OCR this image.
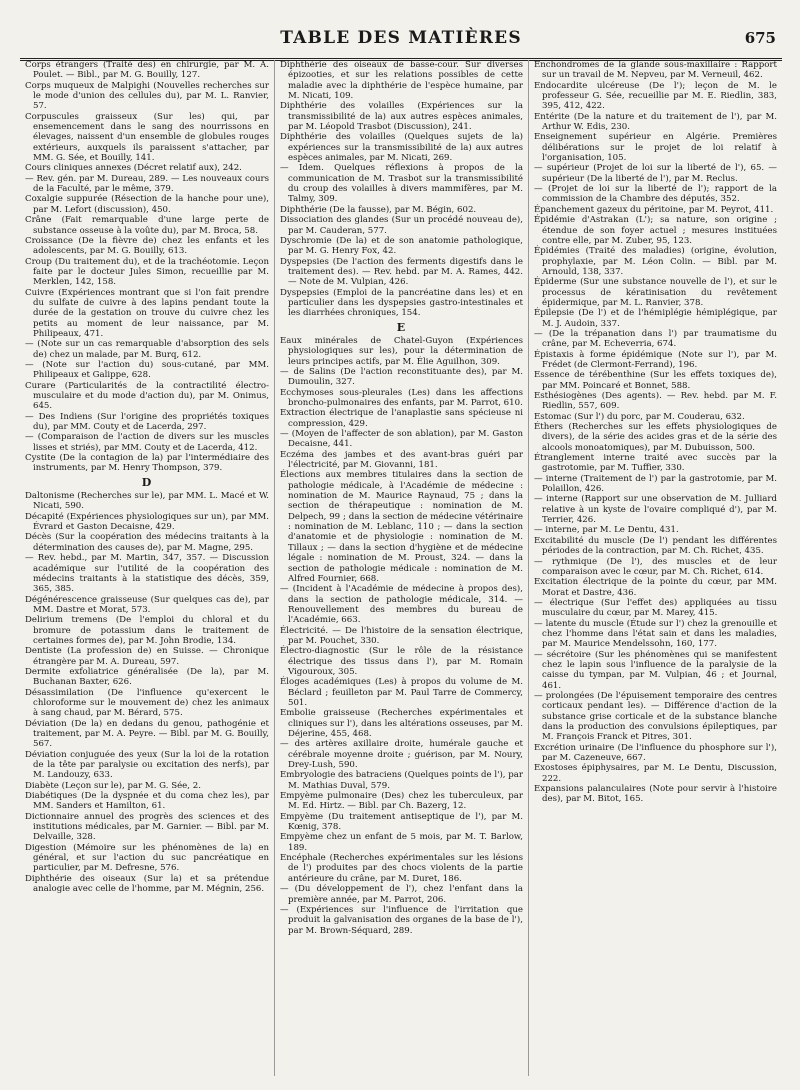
TABLE DES MATIÈRES	675

Corps étrangers (Traité des) en chirurgie, par M. A. Poulet. — Bibl., par M. G. Bouilly, 127.

Corps muqueux de Malpighi (Nouvelles recherches sur le mode d'union des cellules du), par M. L. Ranvier, 57.

Corpuscules graisseux (Sur les) qui, par ensemencement dans le sang des nourrissons en élevages, naissent d'un ensemble de globules rouges extérieurs, auxquels ils paraissent s'attacher, par MM. G. Sée, et Bouilly, 141.

Cours cliniques annexes (Décret relatif aux), 242.

— Rev. gén. par M. Dureau, 289. — Les nouveaux cours de la Faculté, par le même, 379.

Coxalgie suppurée (Résection de la hanche pour une), par M. Lefort (discussion), 450.

Crâne (Fait remarquable d'une large perte de substance osseuse à la voûte du), par M. Broca, 58.

Croissance (De la fièvre de) chez les enfants et les adolescents, par M. G. Bouilly, 613.

Croup (Du traitement du), et de la trachéotomie. Leçon faite par le docteur Jules Simon, recueillie par M. Merklen, 142, 158.

Cuivre (Expériences montrant que si l'on fait prendre du sulfate de cuivre à des lapins pendant toute la durée de la gestation on trouve du cuivre chez les petits au moment de leur naissance, par M. Philipeaux, 471.

— (Note sur un cas remarquable d'absorption des sels de) chez un malade, par M. Burq, 612.

— (Note sur l'action du) sous-cutané, par MM. Philipeaux et Galippe, 628.

Curare (Particularités de la contractilité électro-musculaire et du mode d'action du), par M. Onimus, 645.

— Des Indiens (Sur l'origine des propriétés toxiques du), par MM. Couty et de Lacerda, 297.

— (Comparaison de l'action de divers sur les muscles lisses et striés), par MM. Couty et de Lacerda, 412.

Cystite (De la contagion de la) par l'intermédiaire des instruments, par M. Henry Thompson, 379.

D

Daltonisme (Recherches sur le), par MM. L. Macé et W. Nicati, 590.

Décapité (Expériences physiologiques sur un), par MM. Évrard et Gaston Decaisne, 429.

Décès (Sur la coopération des médecins traitants à la détermination des causes de), par M. Magne, 295.

— Rev. hebd., par M. Martin, 347, 357. — Discussion académique sur l'utilité de la coopération des médecins traitants à la statistique des décès, 359, 365, 385.

Dégénérescence graisseuse (Sur quelques cas de), par MM. Dastre et Morat, 573.

Delirium tremens (De l'emploi du chloral et du bromure de potassium dans le traitement de certaines formes de), par M. John Brodie, 134.

Dentiste (La profession de) en Suisse. — Chronique étrangère par M. A. Dureau, 597.

Dermite exfoliatrice généralisée (De la), par M. Buchanan Baxter, 626.

Désassimilation (De l'influence qu'exercent le chloroforme sur le mouvement de) chez les animaux à sang chaud, par M. Bérard, 575.

Déviation (De la) en dedans du genou, pathogénie et traitement, par M. A. Peyre. — Bibl. par M. G. Bouilly, 567.

Déviation conjuguée des yeux (Sur la loi de la rotation de la tête par paralysie ou excitation des nerfs), par M. Landouzy, 633.

Diabète (Leçon sur le), par M. G. Sée, 2.

Diabétiques (De la dyspnée et du coma chez les), par MM. Sanders et Hamilton, 61.

Dictionnaire annuel des progrès des sciences et des institutions médicales, par M. Garnier. — Bibl. par M. Delvaille, 328.

Digestion (Mémoire sur les phénomènes de la) en général, et sur l'action du suc pancréatique en particulier, par M. Defresne, 576.

Diphthérie des oiseaux (Sur la) et sa prétendue analogie avec celle de l'homme, par M. Mégnin, 256.

Diphthérie des oiseaux de basse-cour. Sur diverses épizooties, et sur les relations possibles de cette maladie avec la diphthérie de l'espèce humaine, par M. Nicati, 109.

Diphthérie des volailles (Expériences sur la transmissibilité de la) aux autres espèces animales, par M. Léopold Trasbot (Discussion), 241.

Diphthérie des volailles (Quelques sujets de la) expériences sur la transmissibilité de la) aux autres espèces animales, par M. Nicati, 269.

— Idem. Quelques réflexions à propos de la communication de M. Trasbot sur la transmissibilité du croup des volailles à divers mammifères, par M. Talmy, 309.

Diphthérie (De la fausse), par M. Bégin, 602.

Dissociation des glandes (Sur un procédé nouveau de), par M. Cauderan, 577.

Dyschromie (De la) et de son anatomie pathologique, par M. G. Henry Fox, 42.

Dyspepsies (De l'action des ferments digestifs dans le traitement des). — Rev. hebd. par M. A. Rames, 442. — Note de M. Vulpian, 426.

Dyspepsies (Emploi de la pancréatine dans les) et en particulier dans les dyspepsies gastro-intestinales et les diarrhées chroniques, 154.

E

Eaux minérales de Chatel-Guyon (Expériences physiologiques sur les), pour la détermination de leurs principes actifs, par M. Élie Aguilhon, 309.

— de Salins (De l'action reconstituante des), par M. Dumoulin, 327.

Ecchymoses sous-pleurales (Les) dans les affections broncho-pulmonaires des enfants, par M. Parrot, 610.

Extraction électrique de l'anaplastie sans spécieuse ni compression, 429.

— (Moyen de l'affecter de son ablation), par M. Gaston Decaisne, 441.

Eczéma des jambes et des avant-bras guéri par l'électricité, par M. Giovanni, 181.

Élections aux membres titulaires dans la section de pathologie médicale, à l'Académie de médecine : nomination de M. Maurice Raynaud, 75 ; dans la section de thérapeutique : nomination de M. Delpech, 99 ; dans la section de médecine vétérinaire : nomination de M. Leblanc, 110 ; — dans la section d'anatomie et de physiologie : nomination de M. Tillaux ; — dans la section d'hygiène et de médecine légale : nomination de M. Proust, 324. — dans la section de pathologie médicale : nomination de M. Alfred Fournier, 668.

— (Incident à l'Académie de médecine à propos des), dans la section de pathologie médicale, 314. — Renouvellement des membres du bureau de l'Académie, 663.

Électricité. — De l'histoire de la sensation électrique, par M. Pouchet, 330.

Électro-diagnostic (Sur le rôle de la résistance électrique des tissus dans l'), par M. Romain Vigouroux, 305.

Éloges académiques (Les) à propos du volume de M. Béclard ; feuilleton par M. Paul Tarre de Commercy, 501.

Embolie graisseuse (Recherches expérimentales et cliniques sur l'), dans les altérations osseuses, par M. Déjerine, 455, 468.

— des artères axillaire droite, humérale gauche et cérébrale moyenne droite ; guérison, par M. Noury, Drey-Lush, 590.

Embryologie des batraciens (Quelques points de l'), par M. Mathias Duval, 579.

Empyème pulmonaire (Des) chez les tuberculeux, par M. Ed. Hirtz. — Bibl. par Ch. Bazerg, 12.

Empyème (Du traitement antiseptique de l'), par M. Kœnig, 378.

Empyème chez un enfant de 5 mois, par M. T. Barlow, 189.

Encéphale (Recherches expérimentales sur les lésions de l') produites par des chocs violents de la partie antérieure du crâne, par M. Duret, 186.

— (Du développement de l'), chez l'enfant dans la première année, par M. Parrot, 206.

— (Expériences sur l'influence de l'irritation que produit la galvanisation des organes de la base de l'), par M. Brown-Séquard, 289.

Enchondromes de la glande sous-maxillaire : Rapport sur un travail de M. Nepveu, par M. Verneuil, 462.

Endocardite ulcéreuse (De l'); leçon de M. le professeur G. Sée, recueillie par M. E. Riedlin, 383, 395, 412, 422.

Entérite (De la nature et du traitement de l'), par M. Arthur W. Edis, 230.

Enseignement supérieur en Algérie. Premières délibérations sur le projet de loi relatif à l'organisation, 105.

— supérieur (Projet de loi sur la liberté de l'), 65. — supérieur (De la liberté de l'), par M. Reclus.

— (Projet de loi sur la liberté de l'); rapport de la commission de la Chambre des députés, 352.

Épanchement gazeux du péritoine, par M. Peyrot, 411.

Épidémie d'Astrakan (L'); sa nature, son origine ; étendue de son foyer actuel ; mesures instituées contre elle, par M. Zuber, 95, 123.

Épidémies (Traité des maladies) (origine, évolution, prophylaxie, par M. Léon Colin. — Bibl. par M. Arnould, 138, 337.

Épiderme (Sur une substance nouvelle de l'), et sur le processus de kératinisation du revêtement épidermique, par M. L. Ranvier, 378.

Épilepsie (De l') et de l'hémiplégie hémiplégique, par M. J. Audoin, 337.

— (De la trépanation dans l') par traumatisme du crâne, par M. Echeverria, 674.

Épistaxis à forme épidémique (Note sur l'), par M. Frédet (de Clermont-Ferrand), 196.

Essence de térébenthine (Sur les effets toxiques de), par MM. Poincaré et Bonnet, 588.

Esthésiogènes (Des agents). — Rev. hebd. par M. F. Riedlin, 557, 609.

Estomac (Sur l') du porc, par M. Couderau, 632.

Éthers (Recherches sur les effets physiologiques de divers), de la série des acides gras et de la série des alcools monoatomiques), par M. Dubuisson, 500.

Étranglement interne traité avec succès par la gastrotomie, par M. Tuffier, 330.

— interne (Traitement de l') par la gastrotomie, par M. Polaillon, 426.

— interne (Rapport sur une observation de M. Julliard relative à un kyste de l'ovaire compliqué d'), par M. Terrier, 426.

— interne, par M. Le Dentu, 431.

Excitabilité du muscle (De l') pendant les différentes périodes de la contraction, par M. Ch. Richet, 435.

— rythmique (De l'), des muscles et de leur comparaison avec le cœur, par M. Ch. Richet, 614.

Excitation électrique de la pointe du cœur, par MM. Morat et Dastre, 436.

— électrique (Sur l'effet des) appliquées au tissu musculaire du cœur, par M. Marey, 415.

— latente du muscle (Étude sur l') chez la grenouille et chez l'homme dans l'état sain et dans les maladies, par M. Maurice Mendelssohn, 160, 177.

— sécrétoire (Sur les phénomènes qui se manifestent chez le lapin sous l'influence de la paralysie de la caisse du tympan, par M. Vulpian, 46 ; et Journal, 461.

— prolongées (De l'épuisement temporaire des centres corticaux pendant les). — Différence d'action de la substance grise corticale et de la substance blanche dans la production des convulsions épileptiques, par M. François Franck et Pitres, 301.

Excrétion urinaire (De l'influence du phosphore sur l'), par M. Cazeneuve, 667.

Exostoses épiphysaires, par M. Le Dentu, Discussion, 222.

Expansions palanculaires (Note pour servir à l'histoire des), par M. Bitot, 165.
